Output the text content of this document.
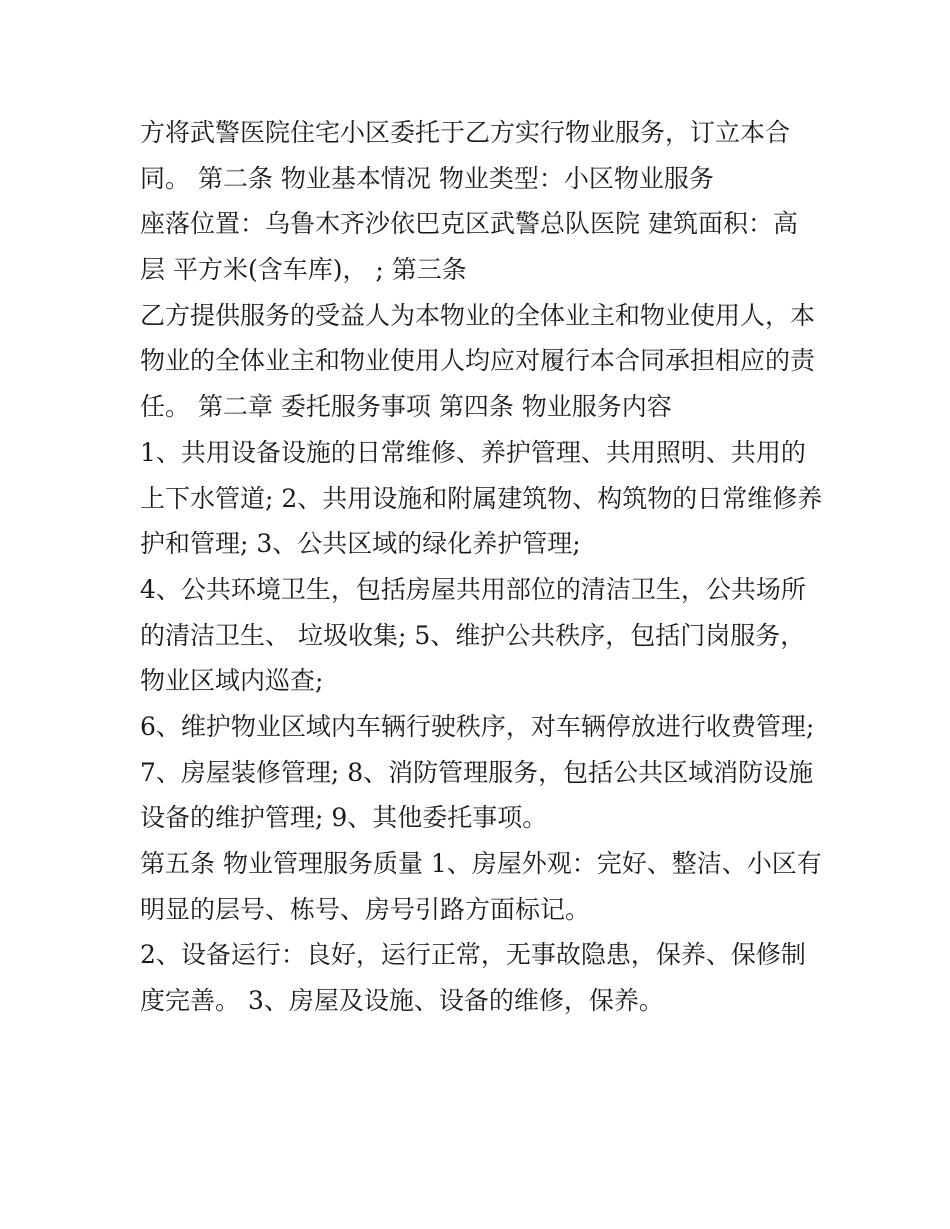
方将武警医院住宅小区委托于乙方实行物业服务，订立本合
同。 第二条 物业基本情况 物业类型：小区物业服务
座落位置：乌鲁木齐沙依巴克区武警总队医院 建筑面积：高
层 平方米(含车库)， ; 第三条
乙方提供服务的受益人为本物业的全体业主和物业使用人，本
物业的全体业主和物业使用人均应对履行本合同承担相应的责
任。 第二章 委托服务事项 第四条 物业服务内容
1、共用设备设施的日常维修、养护管理、共用照明、共用的
上下水管道; 2、共用设施和附属建筑物、构筑物的日常维修养
护和管理; 3、公共区域的绿化养护管理;
4、公共环境卫生，包括房屋共用部位的清洁卫生，公共场所
的清洁卫生、 垃圾收集; 5、维护公共秩序，包括门岗服务，
物业区域内巡查;
6、维护物业区域内车辆行驶秩序，对车辆停放进行收费管理;
7、房屋装修管理; 8、消防管理服务，包括公共区域消防设施
设备的维护管理; 9、其他委托事项。
第五条 物业管理服务质量 1、房屋外观：完好、整洁、小区有
明显的层号、栋号、房号引路方面标记。
2、设备运行：良好，运行正常，无事故隐患，保养、保修制
度完善。 3、房屋及设施、设备的维修，保养。
